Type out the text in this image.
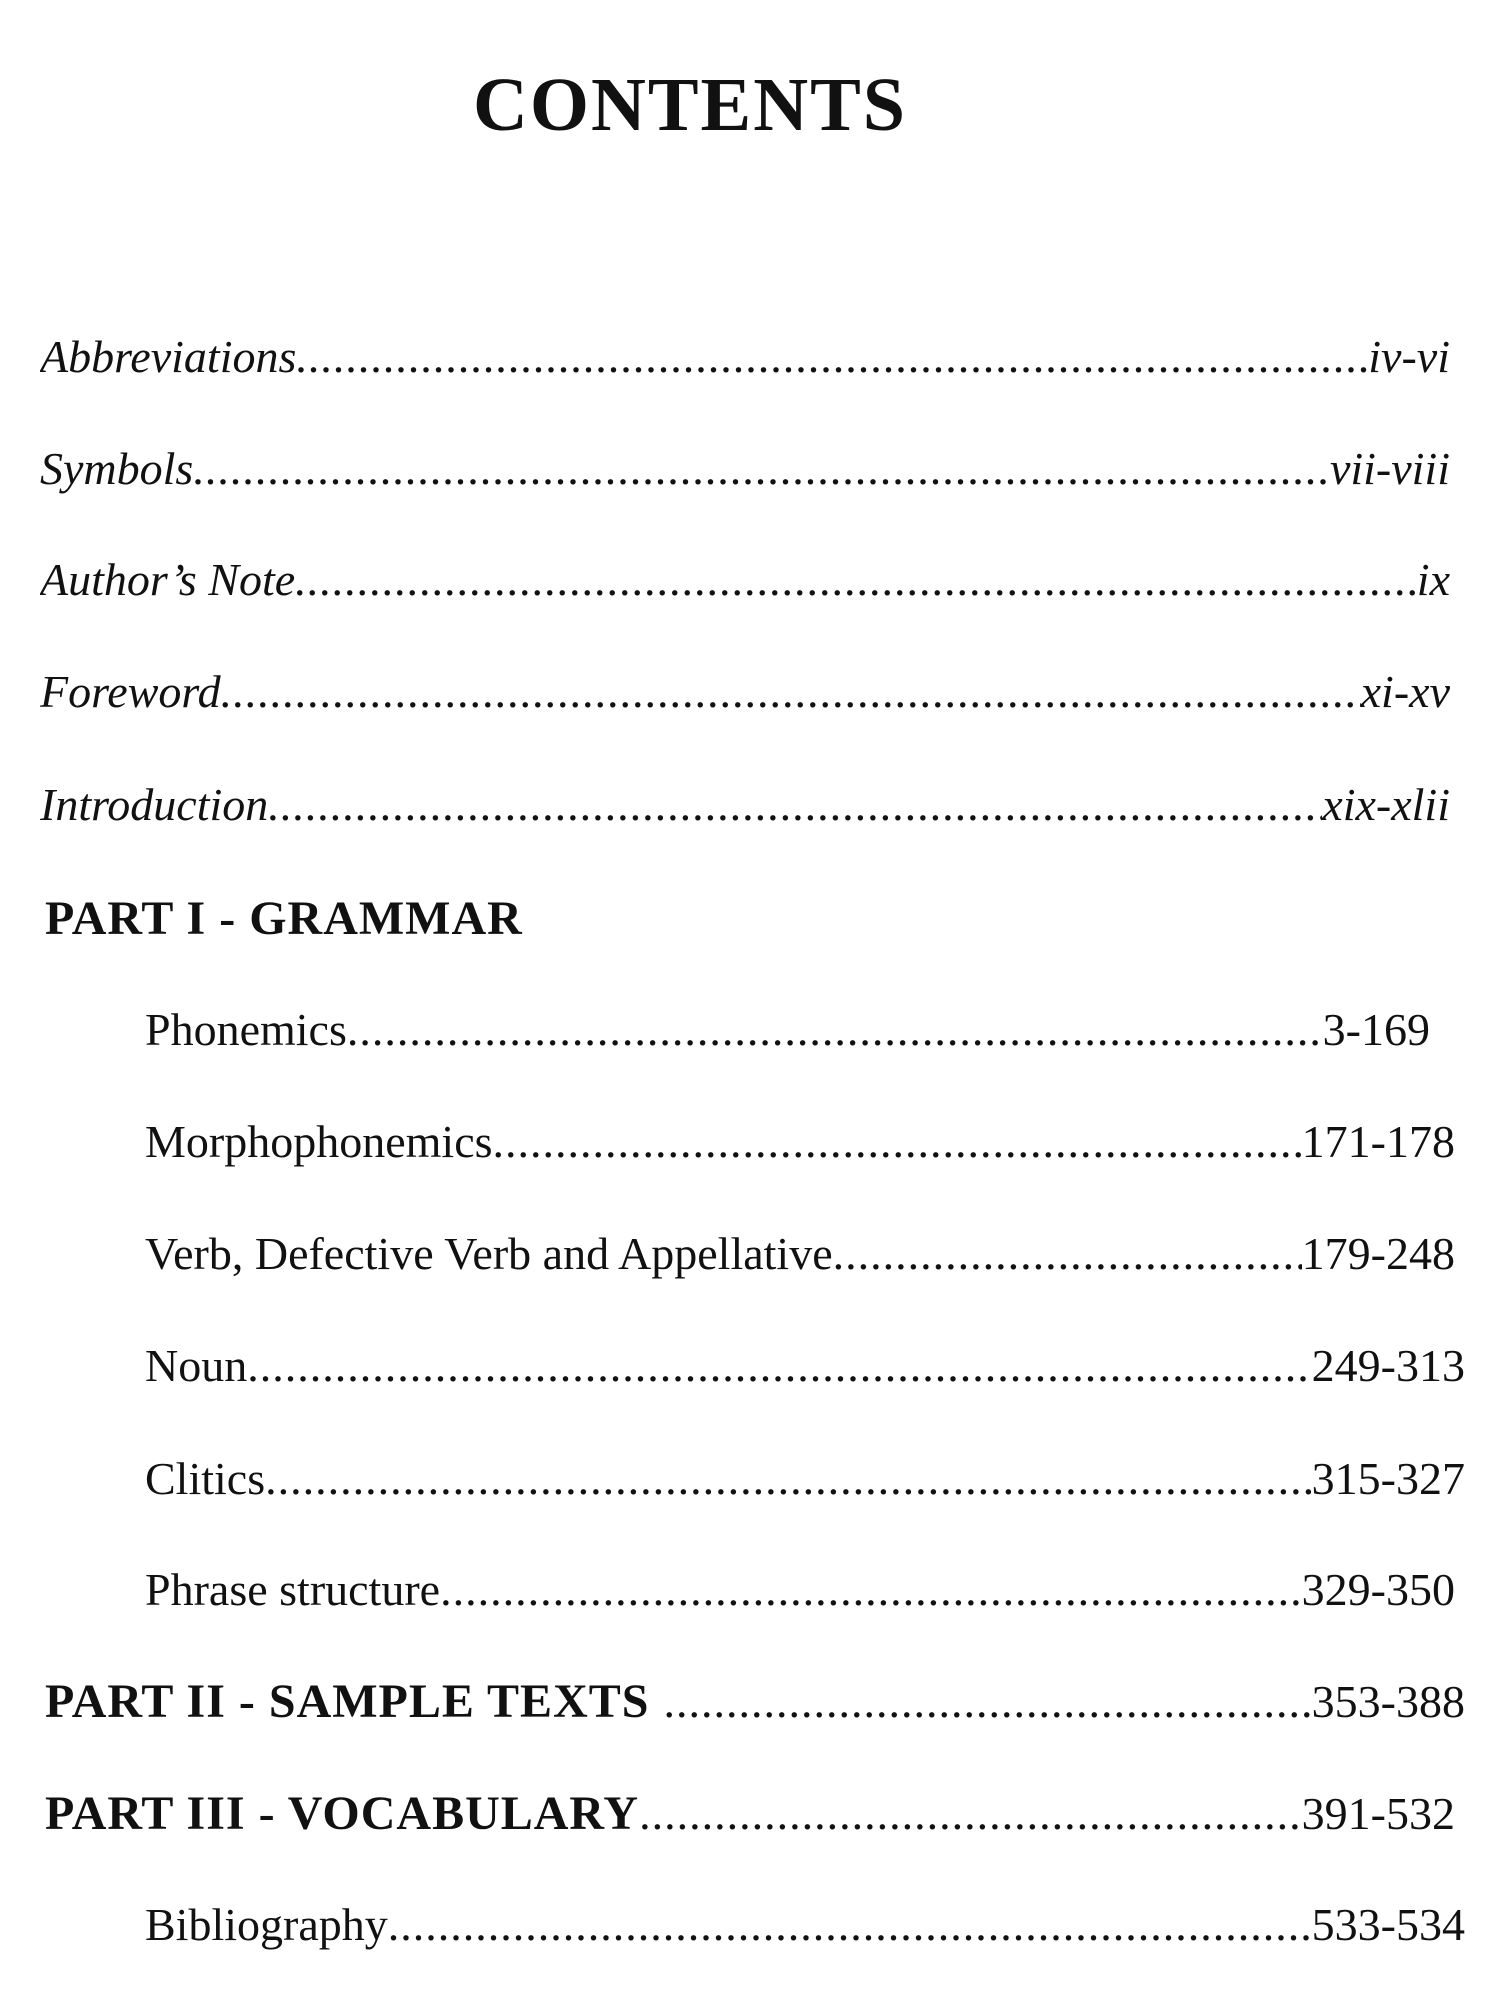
CONTENTS
Abbreviations .....	iv-vi
Symbols .....	vii-viii
Author’s Note .....	ix
Foreword .....	xi-xv
Introduction .....	xix-xlii
PART I - GRAMMAR
Phonemics .....	3-169
Morphophonemics .....	171-178
Verb, Defective Verb and Appellative .....	179-248
Noun .....	249-313
Clitics .....	315-327
Phrase structure .....	329-350
PART II - SAMPLE TEXTS .....	353-388
PART III - VOCABULARY .....	391-532
Bibliography .....	533-534
